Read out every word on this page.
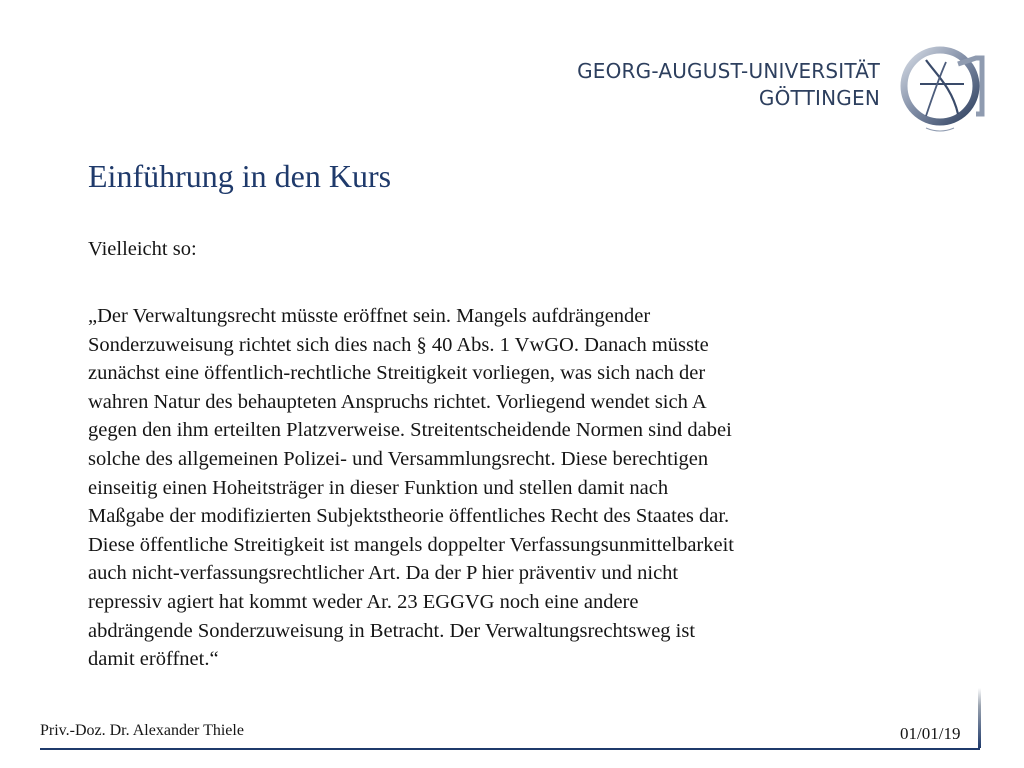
GEORG-AUGUST-UNIVERSITÄT
GÖTTINGEN
Einführung in den Kurs
Vielleicht so:
„Der Verwaltungsrecht müsste eröffnet sein. Mangels aufdrängender
Sonderzuweisung richtet sich dies nach § 40 Abs. 1 VwGO. Danach müsste
zunächst eine öffentlich-rechtliche Streitigkeit vorliegen, was sich nach der
wahren Natur des behaupteten Anspruchs richtet. Vorliegend wendet sich A
gegen den ihm erteilten Platzverweise. Streitentscheidende Normen sind dabei
solche des allgemeinen Polizei- und Versammlungsrecht. Diese berechtigen
einseitig einen Hoheitsträger in dieser Funktion und stellen damit nach
Maßgabe der modifizierten Subjektstheorie öffentliches Recht des Staates dar.
Diese öffentliche Streitigkeit ist mangels doppelter Verfassungsunmittelbarkeit
auch nicht-verfassungsrechtlicher Art. Da der P hier präventiv und nicht
repressiv agiert hat kommt weder Ar. 23 EGGVG noch eine andere
abdrängende Sonderzuweisung in Betracht. Der Verwaltungsrechtsweg ist
damit eröffnet.“
Priv.-Doz. Dr. Alexander Thiele	01/01/19
